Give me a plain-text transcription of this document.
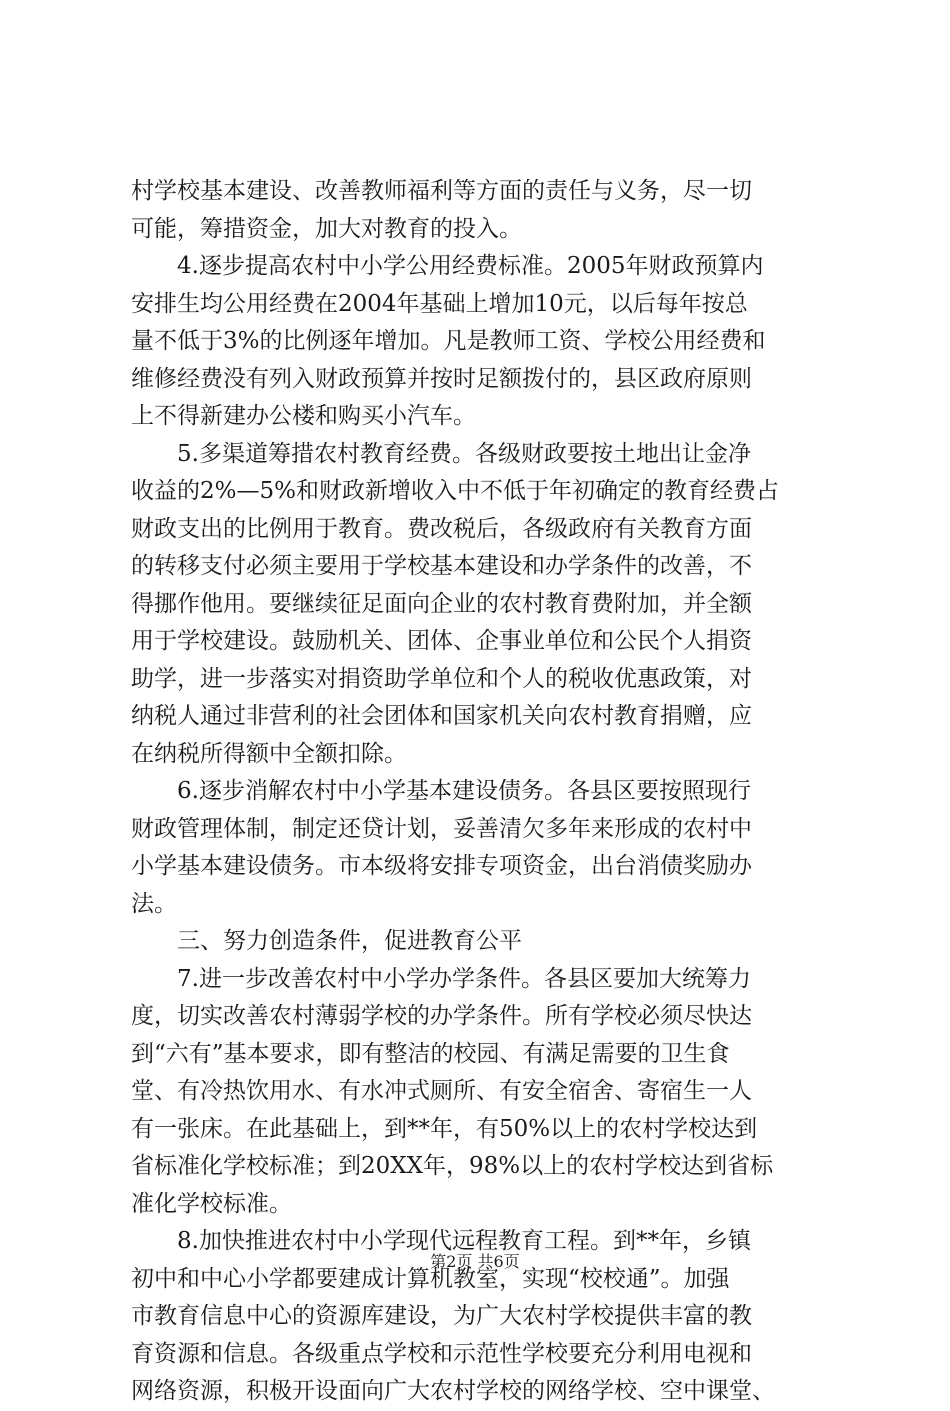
村学校基本建设、改善教师福利等方面的责任与义务，尽一切
可能，筹措资金，加大对教育的投入。
4.逐步提高农村中小学公用经费标准。2005年财政预算内
安排生均公用经费在2004年基础上增加10元，以后每年按总
量不低于3%的比例逐年增加。凡是教师工资、学校公用经费和
维修经费没有列入财政预算并按时足额拨付的，县区政府原则
上不得新建办公楼和购买小汽车。
5.多渠道筹措农村教育经费。各级财政要按土地出让金净
收益的2%—5%和财政新增收入中不低于年初确定的教育经费占
财政支出的比例用于教育。费改税后，各级政府有关教育方面
的转移支付必须主要用于学校基本建设和办学条件的改善，不
得挪作他用。要继续征足面向企业的农村教育费附加，并全额
用于学校建设。鼓励机关、团体、企事业单位和公民个人捐资
助学，进一步落实对捐资助学单位和个人的税收优惠政策，对
纳税人通过非营利的社会团体和国家机关向农村教育捐赠，应
在纳税所得额中全额扣除。
6.逐步消解农村中小学基本建设债务。各县区要按照现行
财政管理体制，制定还贷计划，妥善清欠多年来形成的农村中
小学基本建设债务。市本级将安排专项资金，出台消债奖励办
法。
三、努力创造条件，促进教育公平
7.进一步改善农村中小学办学条件。各县区要加大统筹力
度，切实改善农村薄弱学校的办学条件。所有学校必须尽快达
到“六有”基本要求，即有整洁的校园、有满足需要的卫生食
堂、有冷热饮用水、有水冲式厕所、有安全宿舍、寄宿生一人
有一张床。在此基础上，到**年，有50%以上的农村学校达到
省标准化学校标准；到20XX年，98%以上的农村学校达到省标
准化学校标准。
8.加快推进农村中小学现代远程教育工程。到**年，乡镇
初中和中心小学都要建成计算机教室，实现“校校通”。加强
市教育信息中心的资源库建设，为广大农村学校提供丰富的教
育资源和信息。各级重点学校和示范性学校要充分利用电视和
网络资源，积极开设面向广大农村学校的网络学校、空中课堂、
第2页 共6页
